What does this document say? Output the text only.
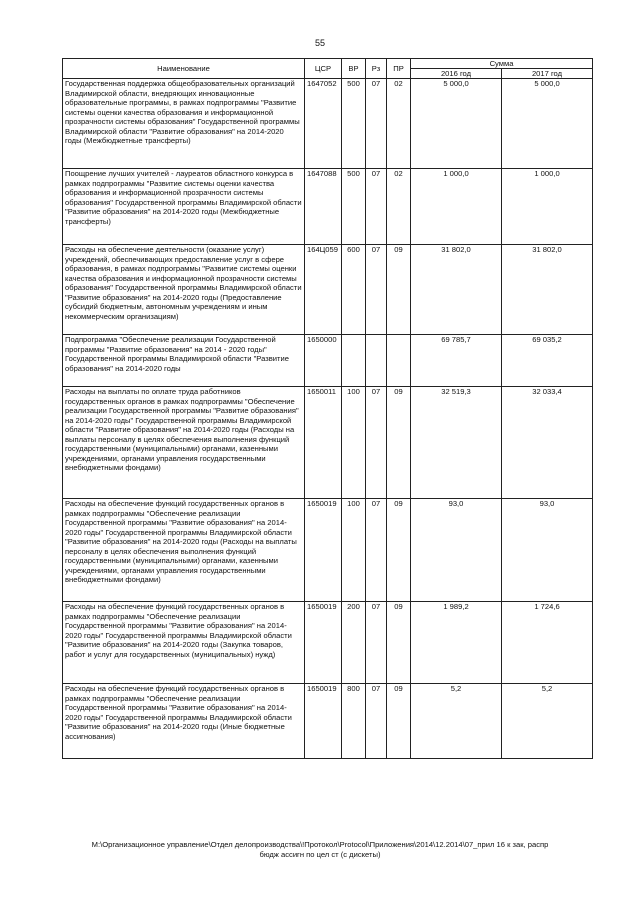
55
Наименование	ЦСР	ВР	Рз	ПР	Сумма	
					2016 год	2017 год
Государственная поддержка общеобразовательных организаций Владимирской области, внедряющих инновационные образовательные программы, в рамках подпрограммы "Развитие системы оценки качества образования и информационной прозрачности системы образования" Государственной программы Владимирской области "Развитие образования" на 2014-2020 годы (Межбюджетные трансферты)	1647052	500	07	02	5 000,0	5 000,0
Поощрение лучших учителей - лауреатов областного конкурса в рамках подпрограммы "Развитие системы оценки качества образования и информационной прозрачности системы образования" Государственной программы Владимирской области "Развитие образования" на 2014-2020 годы (Межбюджетные трансферты)	1647088	500	07	02	1 000,0	1 000,0
Расходы на обеспечение деятельности (оказание услуг) учреждений, обеспечивающих предоставление услуг в сфере образования, в рамках подпрограммы "Развитие системы оценки качества образования и информационной прозрачности системы образования" Государственной программы Владимирской области "Развитие образования" на 2014-2020 годы (Предоставление субсидий бюджетным, автономным учреждениям и иным некоммерческим организациям)	164Ц059	600	07	09	31 802,0	31 802,0
Подпрограмма "Обеспечение реализации Государственной программы "Развитие образования" на 2014 - 2020 годы" Государственной программы Владимирской области "Развитие образования" на 2014-2020 годы	1650000				69 785,7	69 035,2
Расходы на выплаты по оплате труда работников государственных органов в рамках подпрограммы "Обеспечение реализации Государственной программы "Развитие образования" на 2014-2020 годы" Государственной программы Владимирской области "Развитие образования" на 2014-2020 годы (Расходы на выплаты персоналу в целях обеспечения выполнения функций государственными (муниципальными) органами, казенными учреждениями, органами управления государственными внебюджетными фондами)	1650011	100	07	09	32 519,3	32 033,4
Расходы на обеспечение функций государственных органов в рамках подпрограммы "Обеспечение реализации Государственной программы "Развитие образования" на 2014-2020 годы" Государственной программы Владимирской области "Развитие образования" на 2014-2020 годы (Расходы на выплаты персоналу в целях обеспечения выполнения функций государственными (муниципальными) органами, казенными учреждениями, органами управления государственными внебюджетными фондами)	1650019	100	07	09	93,0	93,0
Расходы на обеспечение функций государственных органов в рамках подпрограммы "Обеспечение реализации Государственной программы "Развитие образования" на 2014-2020 годы" Государственной программы Владимирской области "Развитие образования" на 2014-2020 годы (Закупка товаров, работ и услуг для государственных (муниципальных) нужд)	1650019	200	07	09	1 989,2	1 724,6
Расходы на обеспечение функций государственных органов в рамках подпрограммы "Обеспечение реализации Государственной программы "Развитие образования" на 2014-2020 годы" Государственной программы Владимирской области "Развитие образования" на 2014-2020 годы (Иные бюджетные ассигнования)	1650019	800	07	09	5,2	5,2
М:\Организационное управление\Отдел делопроизводства\!Протокол\Protocol\Приложения\2014\12.2014\07_прил 16 к зак, распр
бюдж ассигн по цел ст (с дискеты)
